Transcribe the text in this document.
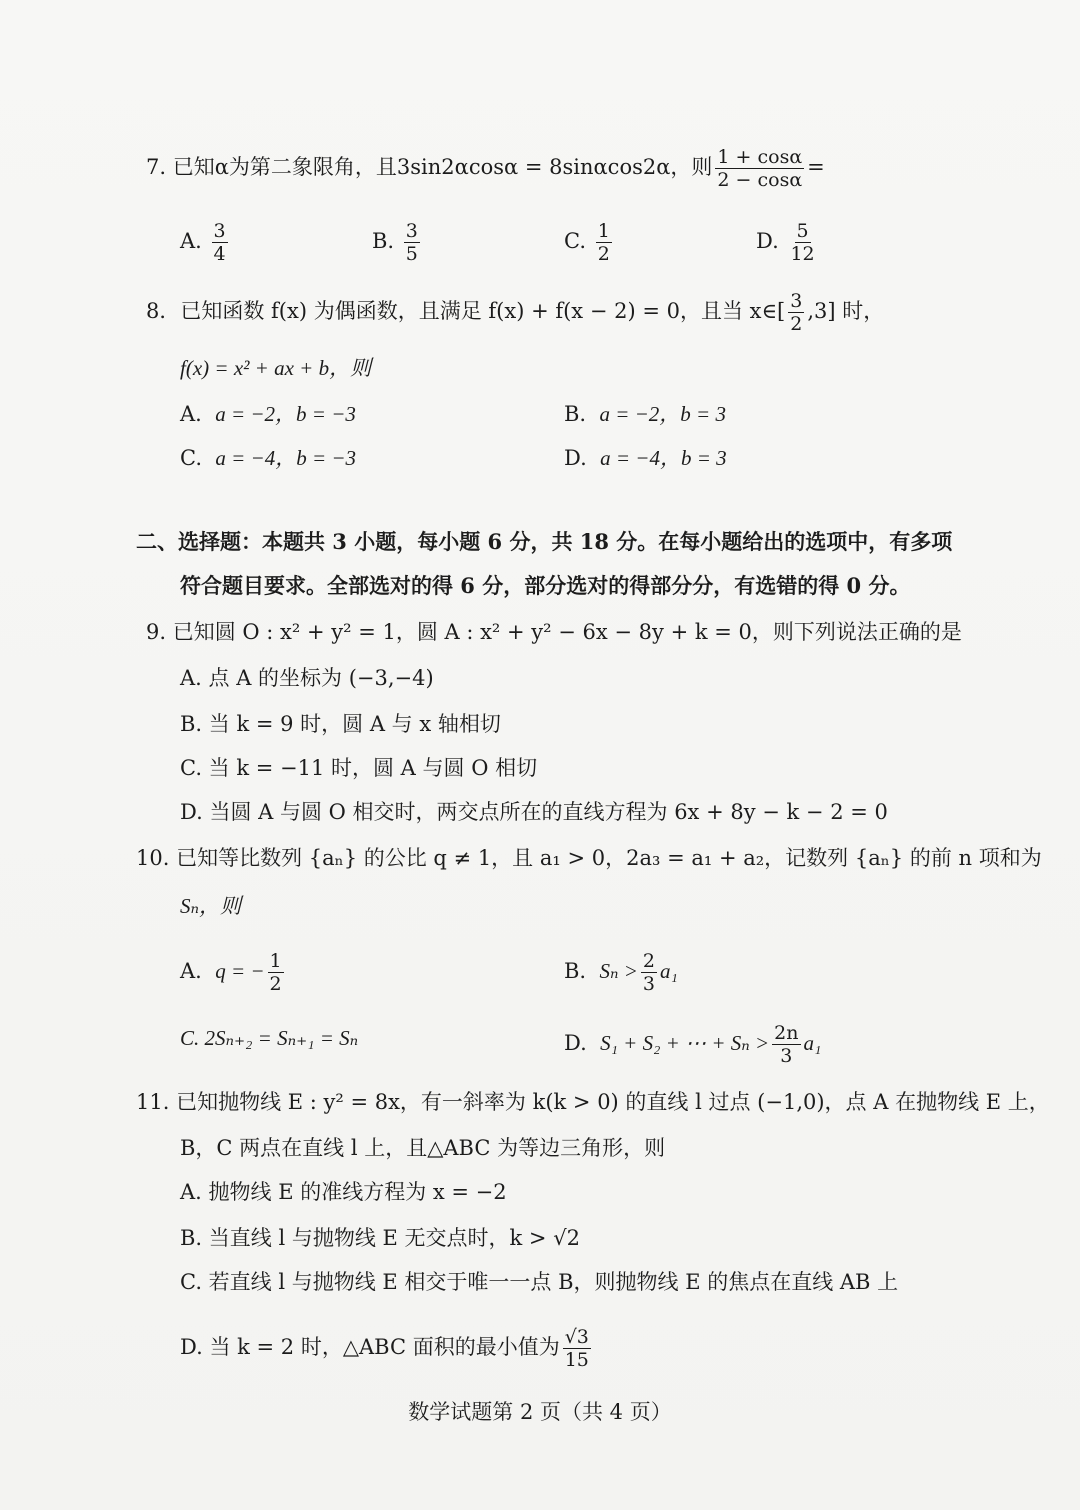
7. 已知α为第二象限角，且3sin2αcosα = 8sinαcos2α，则 $\frac{1 + \cos\alpha}{2 - \cos\alpha}$ =
A. $\frac{3}{4}$	B. $\frac{3}{5}$	C. $\frac{1}{2}$	D. $\frac{5}{12}$
8．已知函数 f(x) 为偶函数，且满足 f(x) + f(x − 2) = 0，且当 x∈[ $\frac{3}{2} ,3$] 时，
f(x) = x² + ax + b，则
A. a = −2，b = −3	B. a = −2，b = 3
C. a = −4，b = −3	D. a = −4，b = 3
二、选择题：本题共 3 小题，每小题 6 分，共 18 分。在每小题给出的选项中，有多项
符合题目要求。全部选对的得 6 分，部分选对的得部分分，有选错的得 0 分。
9. 已知圆 O : x² + y² = 1，圆 A : x² + y² − 6x − 8y + k = 0，则下列说法正确的是
A. 点 A 的坐标为 (−3,−4)
B. 当 k = 9 时，圆 A 与 x 轴相切
C. 当 k = −11 时，圆 A 与圆 O 相切
D. 当圆 A 与圆 O 相交时，两交点所在的直线方程为 6x + 8y − k − 2 = 0
10. 已知等比数列 {aₙ} 的公比 q ≠ 1，且 a₁ > 0，2a₃ = a₁ + a₂，记数列 {aₙ} 的前 n 项和为
Sₙ，则
A. q = − $\frac{1}{2}$	B. $S_n > \frac{2}{3} a_1$
C. 2Sₙ₊₂ = Sₙ₊₁ = Sₙ	D. S₁ + S₂ + ⋯ + $S_n > \frac{2n}{3} a_1$
11. 已知抛物线 E : y² = 8x，有一斜率为 k(k > 0) 的直线 l 过点 (−1,0)，点 A 在抛物线 E 上，
B，C 两点在直线 l 上，且△ABC 为等边三角形，则
A. 抛物线 E 的准线方程为 x = −2
B. 当直线 l 与抛物线 E 无交点时，k > √2
C. 若直线 l 与抛物线 E 相交于唯一一点 B，则抛物线 E 的焦点在直线 AB 上
D. 当 k = 2 时，△ABC 面积的最小值为 $\frac{√3}{15}$
数学试题第 2 页（共 4 页）
